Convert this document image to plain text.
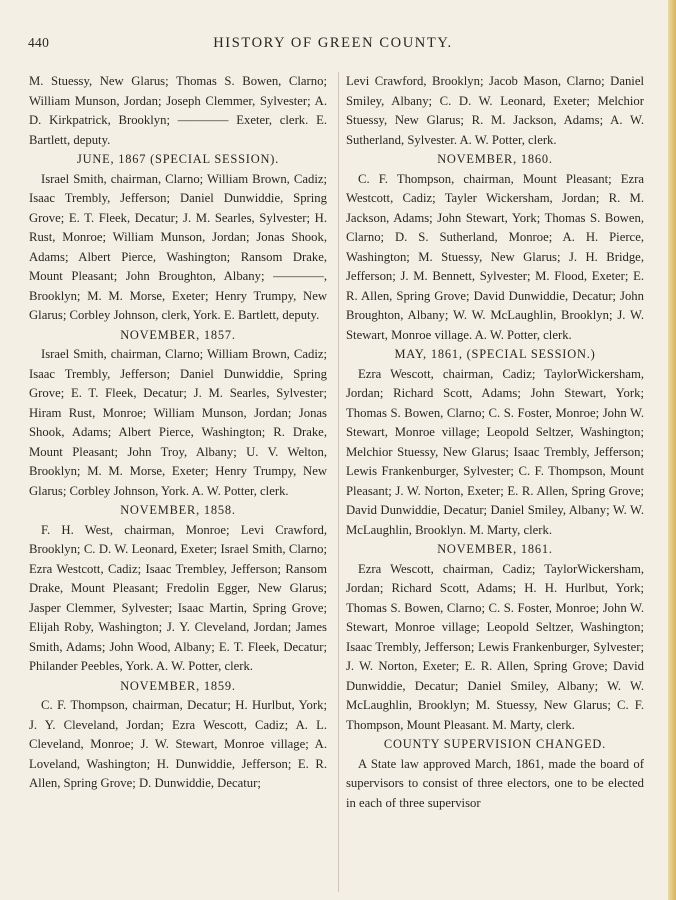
440	HISTORY OF GREEN COUNTY.

M. Stuessy, New Glarus; Thomas S. Bowen, Clarno; William Munson, Jordan; Joseph Clemmer, Sylvester; A. D. Kirkpatrick, Brooklyn; ———— Exeter, clerk. E. Bartlett, deputy.

JUNE, 1867 (SPECIAL SESSION).

Israel Smith, chairman, Clarno; William Brown, Cadiz; Isaac Trembly, Jefferson; Daniel Dunwiddie, Spring Grove; E. T. Fleek, Decatur; J. M. Searles, Sylvester; H. Rust, Monroe; William Munson, Jordan; Jonas Shook, Adams; Albert Pierce, Washington; Ransom Drake, Mount Pleasant; John Broughton, Albany; ————, Brooklyn; M. M. Morse, Exeter; Henry Trumpy, New Glarus; Corbley Johnson, clerk, York. E. Bartlett, deputy.

NOVEMBER, 1857.

Israel Smith, chairman, Clarno; William Brown, Cadiz; Isaac Trembly, Jefferson; Daniel Dunwiddie, Spring Grove; E. T. Fleek, Decatur; J. M. Searles, Sylvester; Hiram Rust, Monroe; William Munson, Jordan; Jonas Shook, Adams; Albert Pierce, Washington; R. Drake, Mount Pleasant; John Troy, Albany; U. V. Welton, Brooklyn; M. M. Morse, Exeter; Henry Trumpy, New Glarus; Corbley Johnson, York. A. W. Potter, clerk.

NOVEMBER, 1858.

F. H. West, chairman, Monroe; Levi Crawford, Brooklyn; C. D. W. Leonard, Exeter; Israel Smith, Clarno; Ezra Westcott, Cadiz; Isaac Trembley, Jefferson; Ransom Drake, Mount Pleasant; Fredolin Egger, New Glarus; Jasper Clemmer, Sylvester; Isaac Martin, Spring Grove; Elijah Roby, Washington; J. Y. Cleveland, Jordan; James Smith, Adams; John Wood, Albany; E. T. Fleek, Decatur; Philander Peebles, York. A. W. Potter, clerk.

NOVEMBER, 1859.

C. F. Thompson, chairman, Decatur; H. Hurlbut, York; J. Y. Cleveland, Jordan; Ezra Wescott, Cadiz; A. L. Cleveland, Monroe; J. W. Stewart, Monroe village; A. Loveland, Washington; H. Dunwiddie, Jefferson; E. R. Allen, Spring Grove; D. Dunwiddie, Decatur;

Levi Crawford, Brooklyn; Jacob Mason, Clarno; Daniel Smiley, Albany; C. D. W. Leonard, Exeter; Melchior Stuessy, New Glarus; R. M. Jackson, Adams; A. W. Sutherland, Sylvester. A. W. Potter, clerk.

NOVEMBER, 1860.

C. F. Thompson, chairman, Mount Pleasant; Ezra Westcott, Cadiz; Tayler Wickersham, Jordan; R. M. Jackson, Adams; John Stewart, York; Thomas S. Bowen, Clarno; D. S. Sutherland, Monroe; A. H. Pierce, Washington; M. Stuessy, New Glarus; J. H. Bridge, Jefferson; J. M. Bennett, Sylvester; M. Flood, Exeter; E. R. Allen, Spring Grove; David Dunwiddie, Decatur; John Broughton, Albany; W. W. McLaughlin, Brooklyn; J. W. Stewart, Monroe village. A. W. Potter, clerk.

MAY, 1861, (SPECIAL SESSION.)

Ezra Wescott, chairman, Cadiz; TaylorWickersham, Jordan; Richard Scott, Adams; John Stewart, York; Thomas S. Bowen, Clarno; C. S. Foster, Monroe; John W. Stewart, Monroe village; Leopold Seltzer, Washington; Melchior Stuessy, New Glarus; Isaac Trembly, Jefferson; Lewis Frankenburger, Sylvester; C. F. Thompson, Mount Pleasant; J. W. Norton, Exeter; E. R. Allen, Spring Grove; David Dunwiddie, Decatur; Daniel Smiley, Albany; W. W. McLaughlin, Brooklyn. M. Marty, clerk.

NOVEMBER, 1861.

Ezra Wescott, chairman, Cadiz; TaylorWickersham, Jordan; Richard Scott, Adams; H. H. Hurlbut, York; Thomas S. Bowen, Clarno; C. S. Foster, Monroe; John W. Stewart, Monroe village; Leopold Seltzer, Washington; Isaac Trembly, Jefferson; Lewis Frankenburger, Sylvester; J. W. Norton, Exeter; E. R. Allen, Spring Grove; David Dunwiddie, Decatur; Daniel Smiley, Albany; W. W. McLaughlin, Brooklyn; M. Stuessy, New Glarus; C. F. Thompson, Mount Pleasant. M. Marty, clerk.

COUNTY SUPERVISION CHANGED.

A State law approved March, 1861, made the board of supervisors to consist of three electors, one to be elected in each of three supervisor
